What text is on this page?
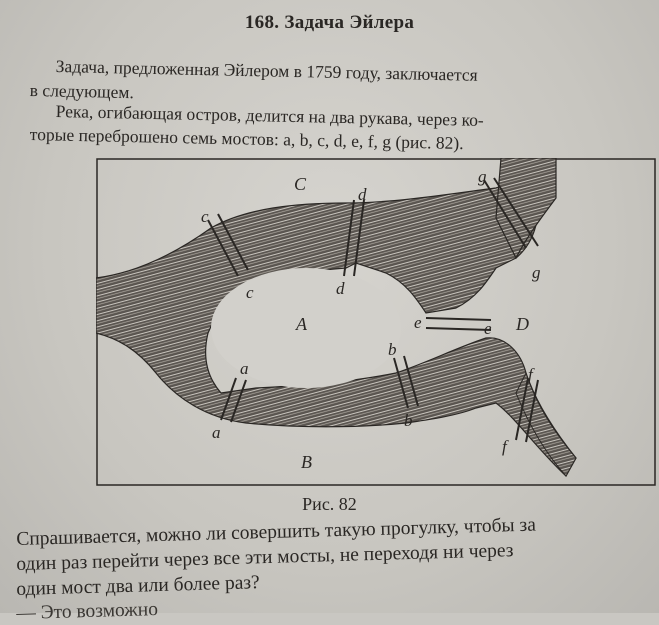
168. Задача Эйлера
Задача, предложенная Эйлером в 1759 году, заключается
в следующем.
Река, огибающая остров, делится на два рукава, через ко-
торые переброшено семь мостов: a, b, c, d, e, f, g (рис. 82).
C
A
B
D
c
c
d
d
g
g
e	e
b
b
a
a
f
f
Рис. 82
Спрашивается, можно ли совершить такую прогулку, чтобы за
один раз перейти через все эти мосты, не переходя ни через
один мост два или более раз?
— Это возможно
